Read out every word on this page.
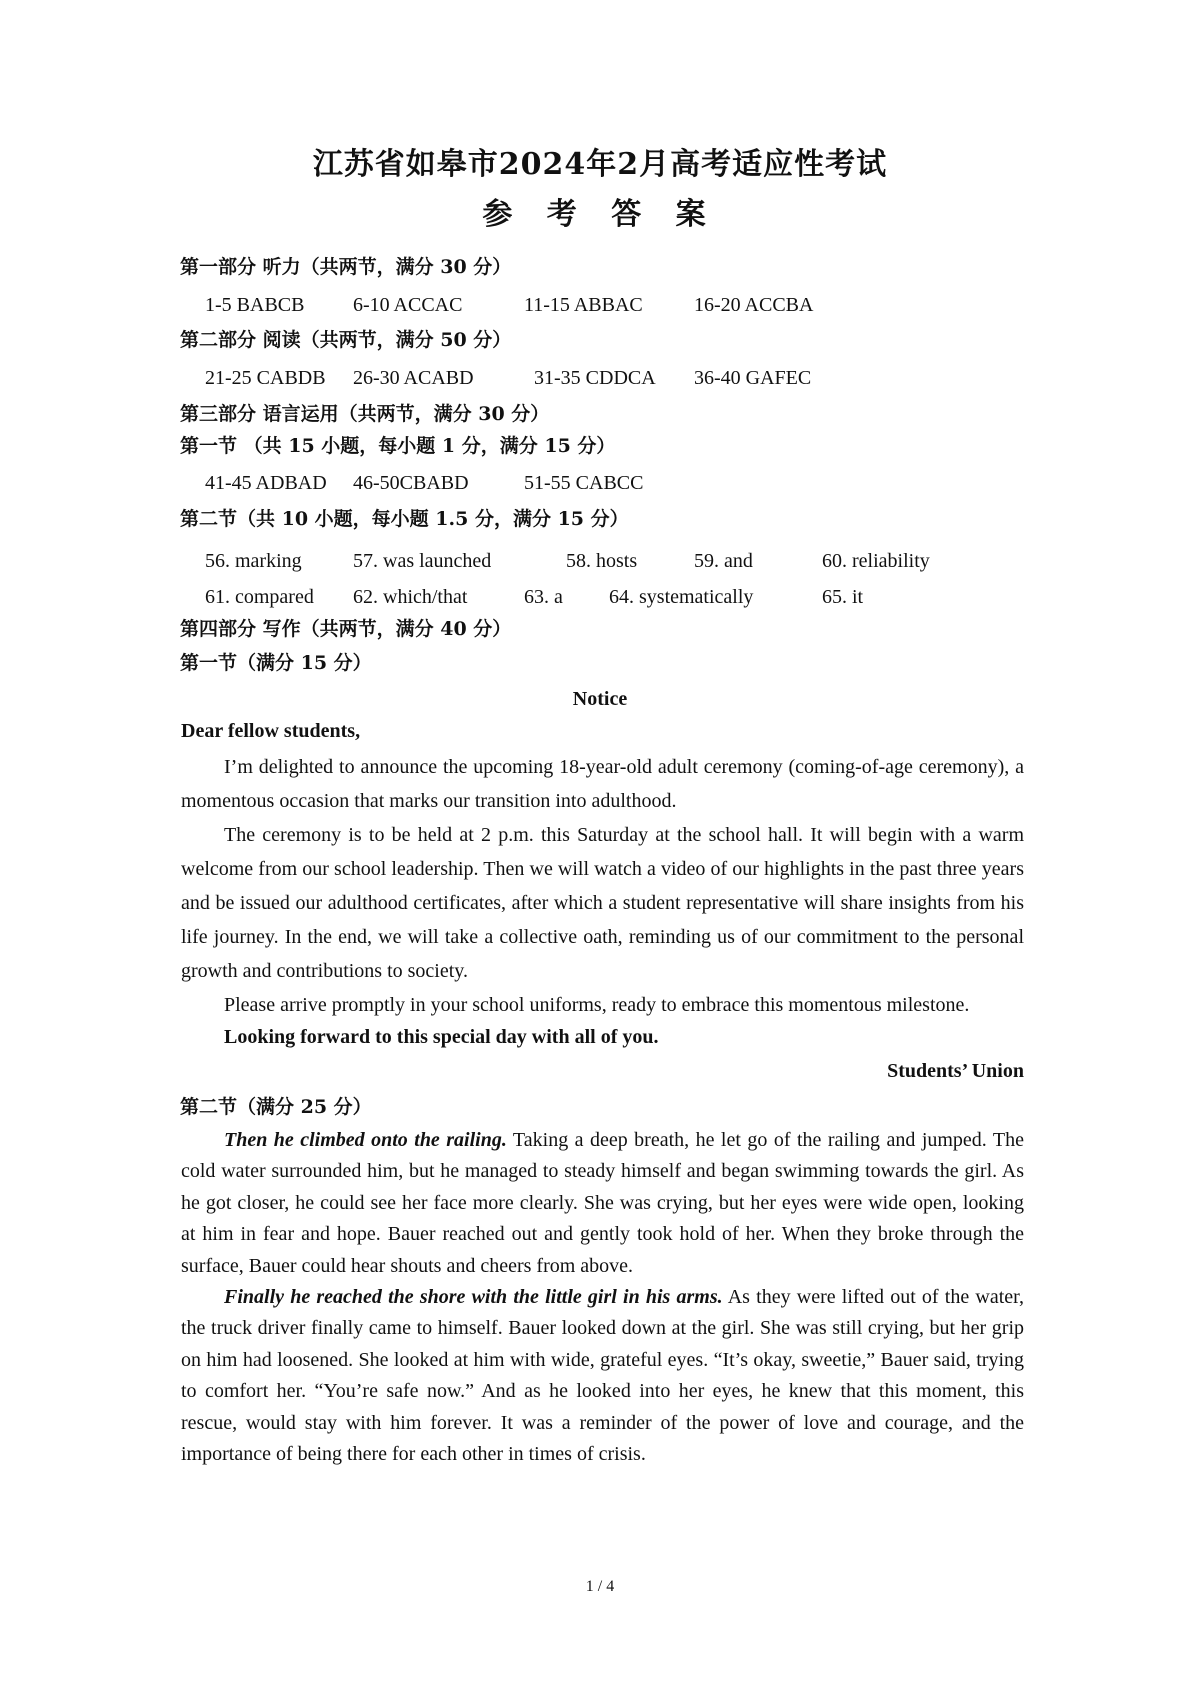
江苏省如皋市2024年2月高考适应性考试
参 考 答 案
第一部分 听力（共两节，满分 30 分）
1-5 BABCB 6-10 ACCAC	11-15 ABBAC	16-20 ACCBA
第二部分 阅读（共两节，满分 50 分）
21-25 CABDB 26-30 ACABD	31-35 CDDCA 36-40 GAFEC
第三部分 语言运用（共两节，满分 30 分）
第一节 （共 15 小题，每小题 1 分，满分 15 分）
41-45 ADBAD 46-50CBABD	51-55 CABCC
第二节（共 10 小题，每小题 1.5 分，满分 15 分）
56. marking	57. was launched	58. hosts	59. and	60. reliability
61. compared 62. which/that	63. a 64. systematically	65. it
第四部分 写作（共两节，满分 40 分）
第一节（满分 15 分）
Notice
Dear fellow students,

I’m delighted to announce the upcoming 18-year-old adult ceremony (coming-of-age ceremony), a momentous occasion that marks our transition into adulthood.

The ceremony is to be held at 2 p.m. this Saturday at the school hall. It will begin with a warm welcome from our school leadership. Then we will watch a video of our highlights in the past three years and be issued our adulthood certificates, after which a student representative will share insights from his life journey. In the end, we will take a collective oath, reminding us of our commitment to the personal growth and contributions to society.

Please arrive promptly in your school uniforms, ready to embrace this momentous milestone.

Looking forward to this special day with all of you.
Students’ Union
第二节（满分 25 分）

Then he climbed onto the railing. Taking a deep breath, he let go of the railing and jumped. The cold water surrounded him, but he managed to steady himself and began swimming towards the girl. As he got closer, he could see her face more clearly. She was crying, but her eyes were wide open, looking at him in fear and hope. Bauer reached out and gently took hold of her. When they broke through the surface, Bauer could hear shouts and cheers from above.

Finally he reached the shore with the little girl in his arms. As they were lifted out of the water, the truck driver finally came to himself. Bauer looked down at the girl. She was still crying, but her grip on him had loosened. She looked at him with wide, grateful eyes. “It’s okay, sweetie,” Bauer said, trying to comfort her. “You’re safe now.” And as he looked into her eyes, he knew that this moment, this rescue, would stay with him forever. It was a reminder of the power of love and courage, and the importance of being there for each other in times of crisis.

1 / 4
